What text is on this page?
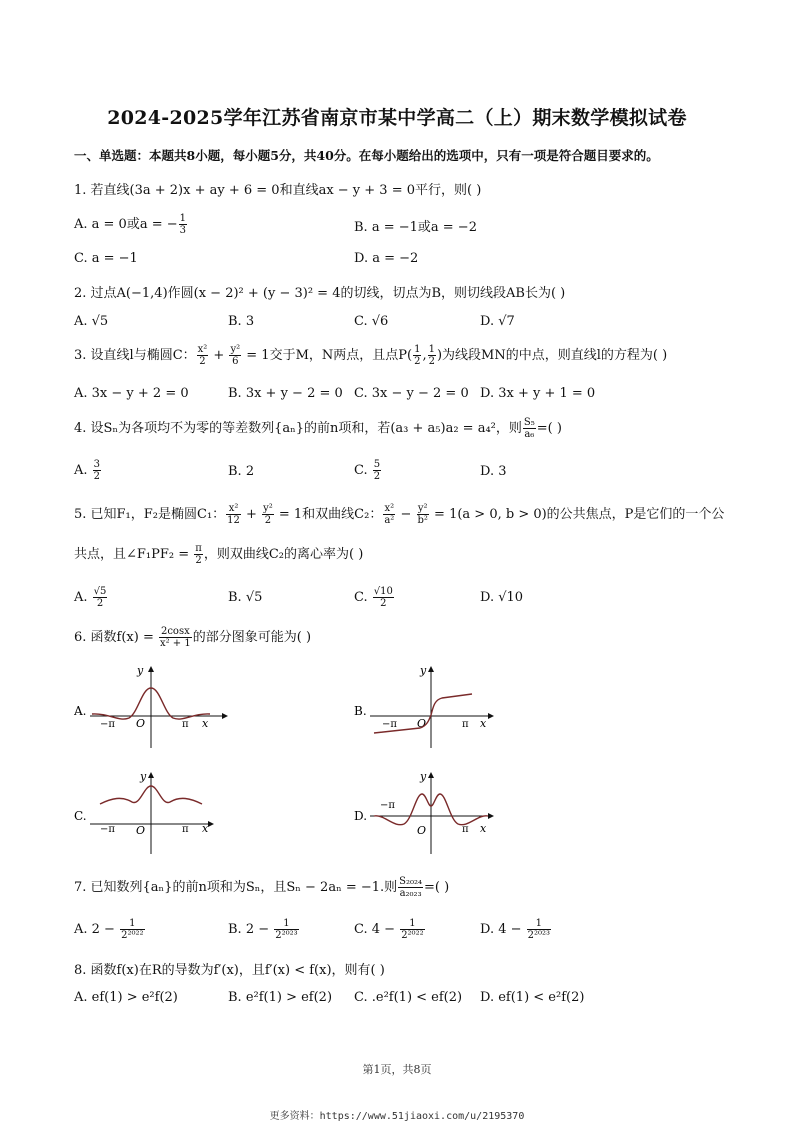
2024-2025学年江苏省南京市某中学高二（上）期末数学模拟试卷
一、单选题：本题共8小题，每小题5分，共40分。在每小题给出的选项中，只有一项是符合题目要求的。
1. 若直线(3a + 2)x + ay + 6 = 0和直线ax − y + 3 = 0平行，则( )
A. a = 0或a = − $\frac{1}{3}$	B. a = −1或a = −2
C. a = −1	D. a = −2
2. 过点A(−1,4)作圆(x − 2)² + (y − 3)² = 4的切线，切点为B，则切线段AB长为( )
A. √5	B. 3	C. √6	D. √7
3. 设直线l与椭圆C： $\frac{\text{x²}}{2} + \frac{\text{y²}}{6} = 1$交于M，N两点，且点$P( \frac{1}{2}$ , $\frac{1}{2}$ )为线段MN的中点，则直线l的方程为( )
A. 3x − y + 2 = 0	B. 3x + y − 2 = 0 C. 3x − y − 2 = 0 D. 3x + y + 1 = 0
4. 设Sₙ为各项均不为零的等差数列{aₙ}的前n项和，若(a₃ + a₅)a₂ = a₄²，则 $\frac{\text{S₅}}{\text{a₆}}$ =( )
A. $\frac{3}{2}$	B. 2	C. $\frac{5}{2}$	D. 3
5. 已知F₁，F₂是椭圆C₁： $\frac{\text{x²}}{12} + \frac{\text{y²}}{2} = 1$和双曲线C₂： $\frac{\text{x²}}{\text{a²}} - \frac{\text{y²}}{\text{b²}} = 1(a > 0$, b > 0)的公共焦点，P是它们的一个公
共点，且∠F₁PF₂ = $\frac{\pi}{2}$ ，则双曲线C₂的离心率为( )
A. $\frac{√5}{2}$	B. √5	C. $\frac{√10}{2}$	D. √10
6. 函数$f(x) = \frac{2\cos x}{\text{x² + 1}}$ 的部分图象可能为( )
A.
y
x
O
−π	π
B.
y
x
O
−π	π
C.
y
x
O
−π	π
D.
y
x
O
−π
π
7. 已知数列{aₙ}的前n项和为Sₙ，且Sₙ − 2aₙ = −1.则 $\frac{\text{S₂₀₂₄}}{\text{a₂₀₂₃}}$ =( )
A. $2 - \frac{1}{\text{2²⁰²²}}$	B. $2 - \frac{1}{\text{2²⁰²³}}$	C. $4 - \frac{1}{\text{2²⁰²²}}$	D. $4 - \frac{1}{\text{2²⁰²³}}$
8. 函数f(x)在R的导数为f′(x)，且f′(x) < f(x)，则有( )
A. ef(1) > e²f(2)	B. e²f(1) > ef(2) C. .e²f(1) < ef(2) D. ef(1) < e²f(2)
第1页，共8页
更多资料：https://www.51jiaoxi.com/u/2195370
